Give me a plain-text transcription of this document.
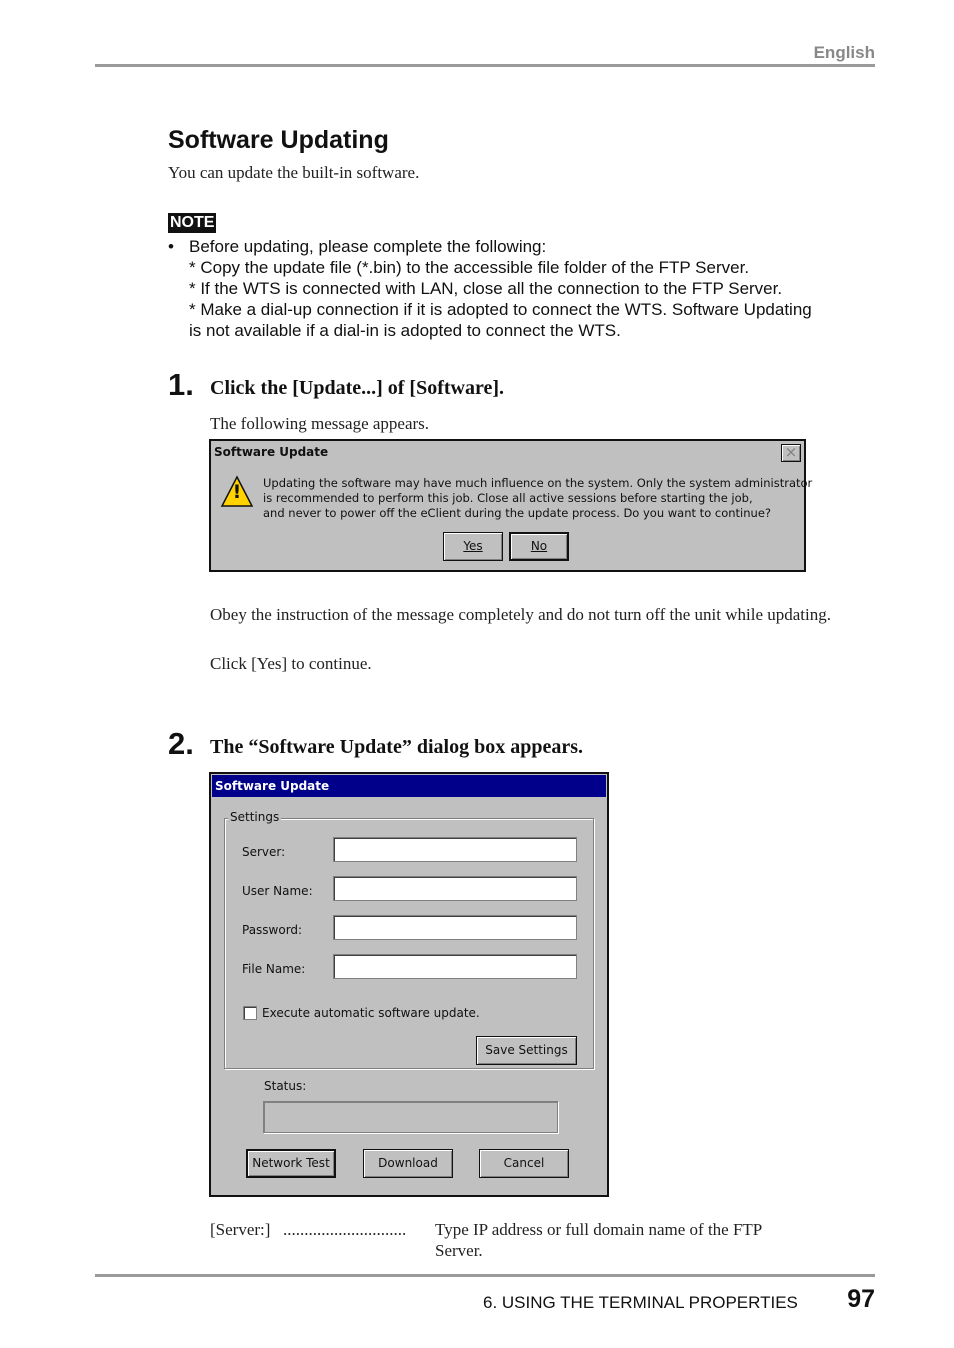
English
Software Updating
You can update the built-in software.
NOTE
• Before updating, please complete the following:
* Copy the update file (*.bin) to the accessible file folder of the FTP Server.
* If the WTS is connected with LAN, close all the connection to the FTP Server.
* Make a dial-up connection if it is adopted to connect the WTS. Software Updating
is not available if a dial-in is adopted to connect the WTS.
1. Click the [Update...] of [Software].
The following message appears.
Software Update	×
!	Updating the software may have much influence on the system. Only the system administrator
is recommended to perform this job. Close all active sessions before starting the job,
and never to power off the eClient during the update process. Do you want to continue?
Yes	No
Obey the instruction of the message completely and do not turn off the unit while updating.
Click [Yes] to continue.
2. The “Software Update” dialog box appears.
Software Update
Settings
Server:
User Name:
Password:
File Name:
Execute automatic software update.
Save Settings
Status:
Network Test	Download	Cancel
[Server:] ............................. Type IP address or full domain name of the FTP
Server.
6. USING THE TERMINAL PROPERTIES 97
